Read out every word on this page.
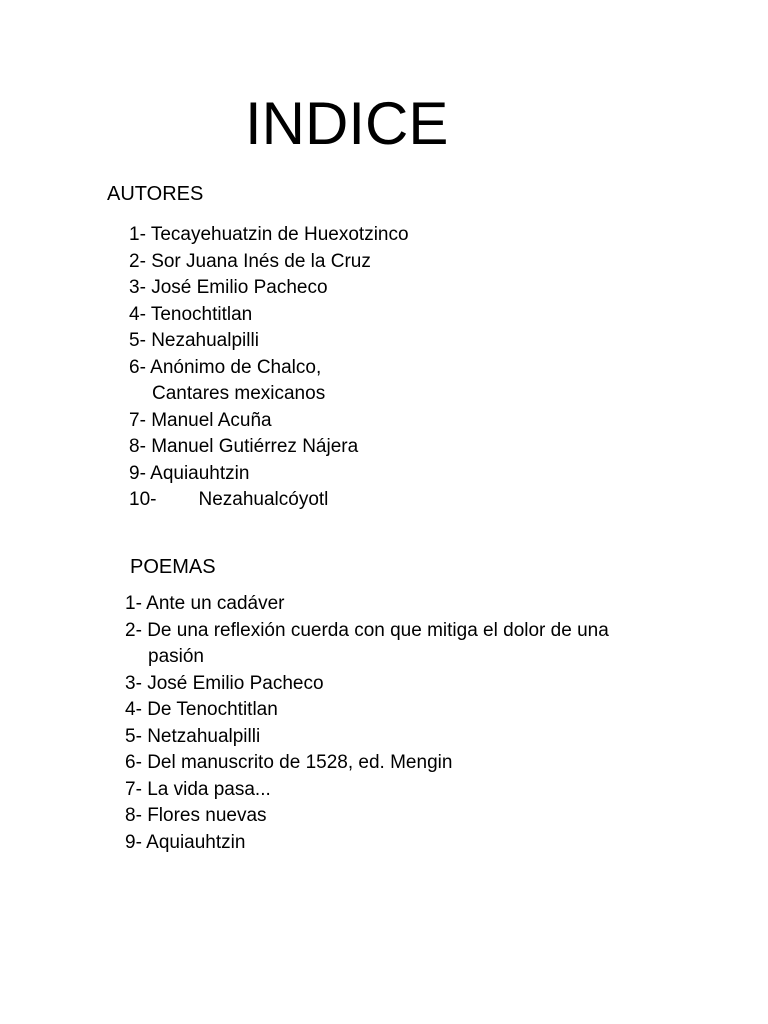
INDICE
AUTORES
1- Tecayehuatzin de Huexotzinco
2- Sor Juana Inés de la Cruz
3- José Emilio Pacheco
4- Tenochtitlan
5- Nezahualpilli
6- Anónimo de Chalco,
Cantares mexicanos
7- Manuel Acuña
8- Manuel Gutiérrez Nájera
9- Aquiauhtzin
10- Nezahualcóyotl
POEMAS
1- Ante un cadáver
2- De una reflexión cuerda con que mitiga el dolor de una
pasión
3- José Emilio Pacheco
4- De Tenochtitlan
5- Netzahualpilli
6- Del manuscrito de 1528, ed. Mengin
7- La vida pasa...
8- Flores nuevas
9- Aquiauhtzin
